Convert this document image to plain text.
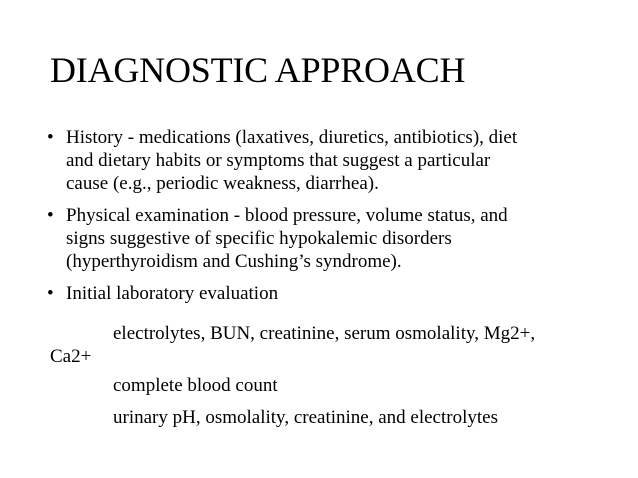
DIAGNOSTIC APPROACH
• History - medications (laxatives, diuretics, antibiotics), diet
and dietary habits or symptoms that suggest a particular
cause (e.g., periodic weakness, diarrhea).
• Physical examination - blood pressure, volume status, and
signs suggestive of specific hypokalemic disorders
(hyperthyroidism and Cushing’s syndrome).
• Initial laboratory evaluation
electrolytes, BUN, creatinine, serum osmolality, Mg2+,
Ca2+
complete blood count
urinary pH, osmolality, creatinine, and electrolytes
